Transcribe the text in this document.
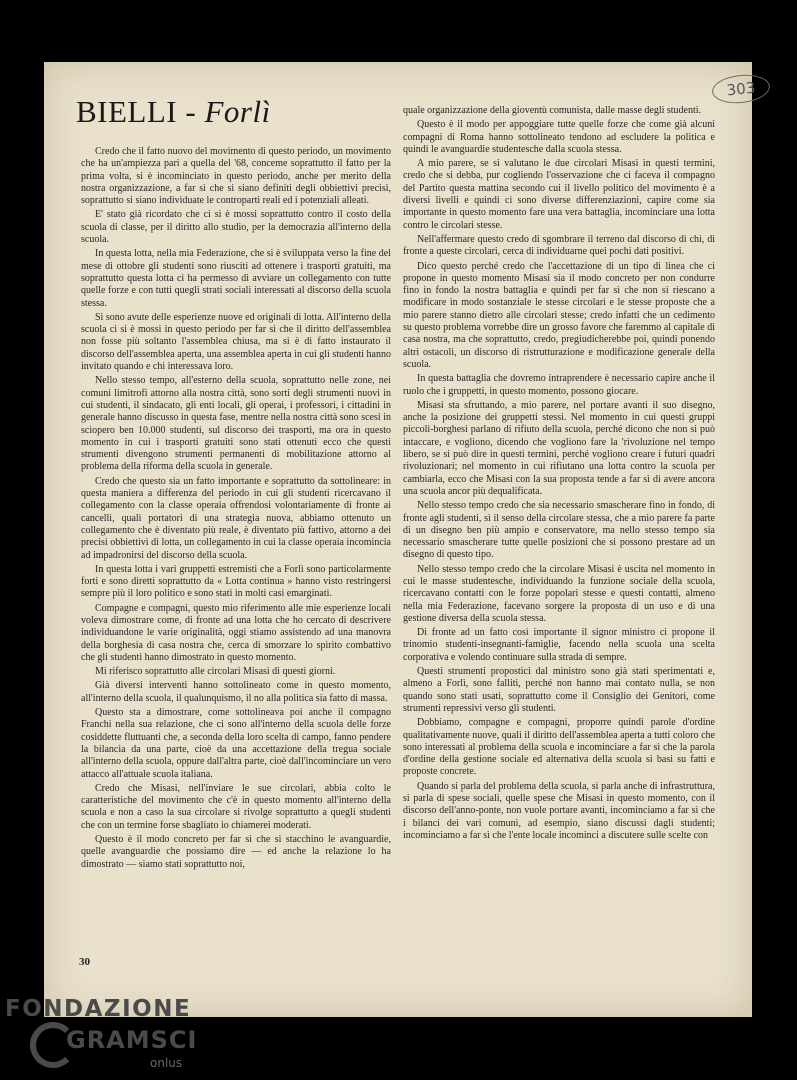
303
BIELLI - Forlì

Credo che il fatto nuovo del movimento di questo periodo, un movimento che ha un'ampiezza pari a quella del '68, conceme soprattutto il fatto per la prima volta, si è incominciato in questo periodo, anche per merito della nostra organizzazione, a far sì che si siano definiti degli obbiettivi precisi, soprattutto si siano individuate le controparti reali ed i potenziali alleati.

E' stato già ricordato che ci si è mossi soprattutto contro il costo della scuola di classe, per il diritto allo studio, per la democrazia all'interno della scuola.

In questa lotta, nella mia Federazione, che si è sviluppata verso la fine del mese di ottobre gli studenti sono riusciti ad ottenere i trasporti gratuiti, ma soprattutto questa lotta ci ha permesso di avviare un collegamento con tutte quelle forze e con tutti quegli strati sociali interessati al discorso della scuola stessa.

Si sono avute delle esperienze nuove ed originali di lotta. All'interno della scuola ci si è mossi in questo periodo per far sì che il diritto dell'assemblea non fosse più soltanto l'assemblea chiusa, ma si è di fatto instaurato il discorso dell'assemblea aperta, una assemblea aperta in cui gli studenti hanno invitato quando e chi interessava loro.

Nello stesso tempo, all'esterno della scuola, soprattutto nelle zone, nei comuni limitrofi attorno alla nostra città, sono sorti degli strumenti nuovi in cui studenti, il sindacato, gli enti locali, gli operai, i professori, i cittadini in generale hanno discusso in questa fase, mentre nella nostra città sono scesi in sciopero ben 10.000 studenti, sul discorso dei trasporti, ma ora in questo momento in cui i trasporti gratuiti sono stati ottenuti ecco che questi strumenti divengono strumenti permanenti di mobilitazione attorno al problema della riforma della scuola in generale.

Credo che questo sia un fatto importante e soprattutto da sottolineare: in questa maniera a differenza del periodo in cui gli studenti ricercavano il collegamento con la classe operaia offrendosi volontariamente di fronte ai cancelli, quali portatori di una strategia nuova, abbiamo ottenuto un collegamento che è diventato più reale, è diventato più fattivo, attorno a dei precisi obbiettivi di lotta, un collegamento in cui la classe operaia incomincia ad impadronirsi del discorso della scuola.

In questa lotta i vari gruppetti estremisti che a Forlì sono particolarmente forti e sono diretti soprattutto da « Lotta continua » hanno visto restringersi sempre più il loro politico e sono stati in molti casi emarginati.

Compagne e compagni, questo mio riferimento alle mie esperienze locali voleva dimostrare come, di fronte ad una lotta che ho cercato di descrivere individuandone le varie originalità, oggi stiamo assistendo ad una manovra della borghesia di casa nostra che, cerca di smorzare lo spirito combattivo che gli studenti hanno dimostrato in questo momento.

Mi riferisco soprattutto alle circolari Misasi di questi giorni.

Già diversi interventi hanno sottolineato come in questo momento, all'interno della scuola, il qualunquismo, il no alla politica sia fatto di massa.

Questo sta a dimostrare, come sottolineava poi anche il compagno Franchi nella sua relazione, che ci sono all'interno della scuola delle forze cosiddette fluttuanti che, a seconda della loro scelta di campo, fanno pendere la bilancia da una parte, cioè da una accettazione della tregua sociale all'interno della scuola, oppure dall'altra parte, cioè dall'incominciare un vero attacco all'attuale scuola italiana.

Credo che Misasi, nell'inviare le sue circolari, abbia colto le caratteristiche del movimento che c'è in questo momento all'interno della scuola e non a caso la sua circolare si rivolge soprattutto a quegli studenti che con un termine forse sbagliato io chiamerei moderati.

Questo è il modo concreto per far sì che si stacchino le avanguardie, quelle avanguardie che possiamo dire — ed anche la relazione lo ha dimostrato — siamo stati soprattutto noi,

quale organizzazione della gioventù comunista, dalle masse degli studenti.

Questo è il modo per appoggiare tutte quelle forze che come già alcuni compagni di Roma hanno sottolineato tendono ad escludere la politica e quindi le avanguardie studentesche dalla scuola stessa.

A mio parere, se si valutano le due circolari Misasi in questi termini, credo che si debba, pur cogliendo l'osservazione che ci faceva il compagno del Partito questa mattina secondo cui il livello politico del movimento è a diversi livelli e quindi ci sono diverse differenziazioni, capire come sia importante in questo momento fare una vera battaglia, incominciare una lotta contro le circolari stesse.

Nell'affermare questo credo di sgombrare il terreno dal discorso di chi, di fronte a queste circolari, cerca di individuarne quei pochi dati positivi.

Dico questo perché credo che l'accettazione di un tipo di linea che ci propone in questo momento Misasi sia il modo concreto per non condurre fino in fondo la nostra battaglia e quindi per far sì che non si riescano a modificare in modo sostanziale le stesse circolari e le stesse proposte che a mio parere stanno dietro alle circolari stesse; credo infatti che un cedimento su questo problema vorrebbe dire un grosso favore che faremmo al capitale di casa nostra, ma che soprattutto, credo, pregiudicherebbe poi, quindi ponendo altri ostacoli, un discorso di ristrutturazione e modificazione generale della scuola.

In questa battaglia che dovremo intraprendere è necessario capire anche il ruolo che i gruppetti, in questo momento, possono giocare.

Misasi sta sfruttando, a mio parere, nel portare avanti il suo disegno, anche la posizione dei gruppetti stessi. Nel momento in cui questi gruppi piccoli-borghesi parlano di rifiuto della scuola, perché dicono che non si può intaccare, e vogliono, dicendo che vogliono fare la 'rivoluzione nel tempo libero, se si può dire in questi termini, perché vogliono creare i futuri quadri rivoluzionari; nel momento in cui rifiutano una lotta contro la scuola per cambiarla, ecco che Misasi con la sua proposta tende a far sì di avere ancora una scuola ancor più dequalificata.

Nello stesso tempo credo che sia necessario smascherare fino in fondo, di fronte agli studenti, sì il senso della circolare stessa, che a mio parere fa parte di un disegno ben più ampio e conservatore, ma nello stesso tempo sia necessario smascherare tutte quelle posizioni che si possono prestare ad un disegno di questo tipo.

Nello stesso tempo credo che la circolare Misasi è uscita nel momento in cui le masse studentesche, individuando la funzione sociale della scuola, ricercavano contatti con le forze popolari stesse e questi contatti, almeno nella mia Federazione, facevano sorgere la proposta di un uso e di una gestione diversa della scuola stessa.

Di fronte ad un fatto così importante il signor ministro ci propone il trinomio studenti-insegnanti-famiglie, facendo nella scuola una scelta corporativa e volendo continuare sulla strada di sempre.

Questi strumenti propostici dal ministro sono già stati sperimentati e, almeno a Forlì, sono falliti, perché non hanno mai contato nulla, se non quando sono stati usati, soprattutto come il Consiglio dei Genitori, come strumenti repressivi verso gli studenti.

Dobbiamo, compagne e compagni, proporre quindi parole d'ordine qualitativamente nuove, quali il diritto dell'assemblea aperta a tutti coloro che sono interessati al problema della scuola e incominciare a far sì che la parola d'ordine della gestione sociale ed alternativa della scuola si basi su fatti e proposte concrete.

Quando si parla del problema della scuola, si parla anche di infrastruttura, si parla di spese sociali, quelle spese che Misasi in questo momento, con il discorso dell'anno-ponte, non vuole portare avanti, incominciamo a far sì che i bilanci dei vari comuni, ad esempio, siano discussi dagli studenti; incominciamo a far sì che l'ente locale incominci a discutere sulle scelte con

30
FONDAZIONE
GRAMSCI
onlus
